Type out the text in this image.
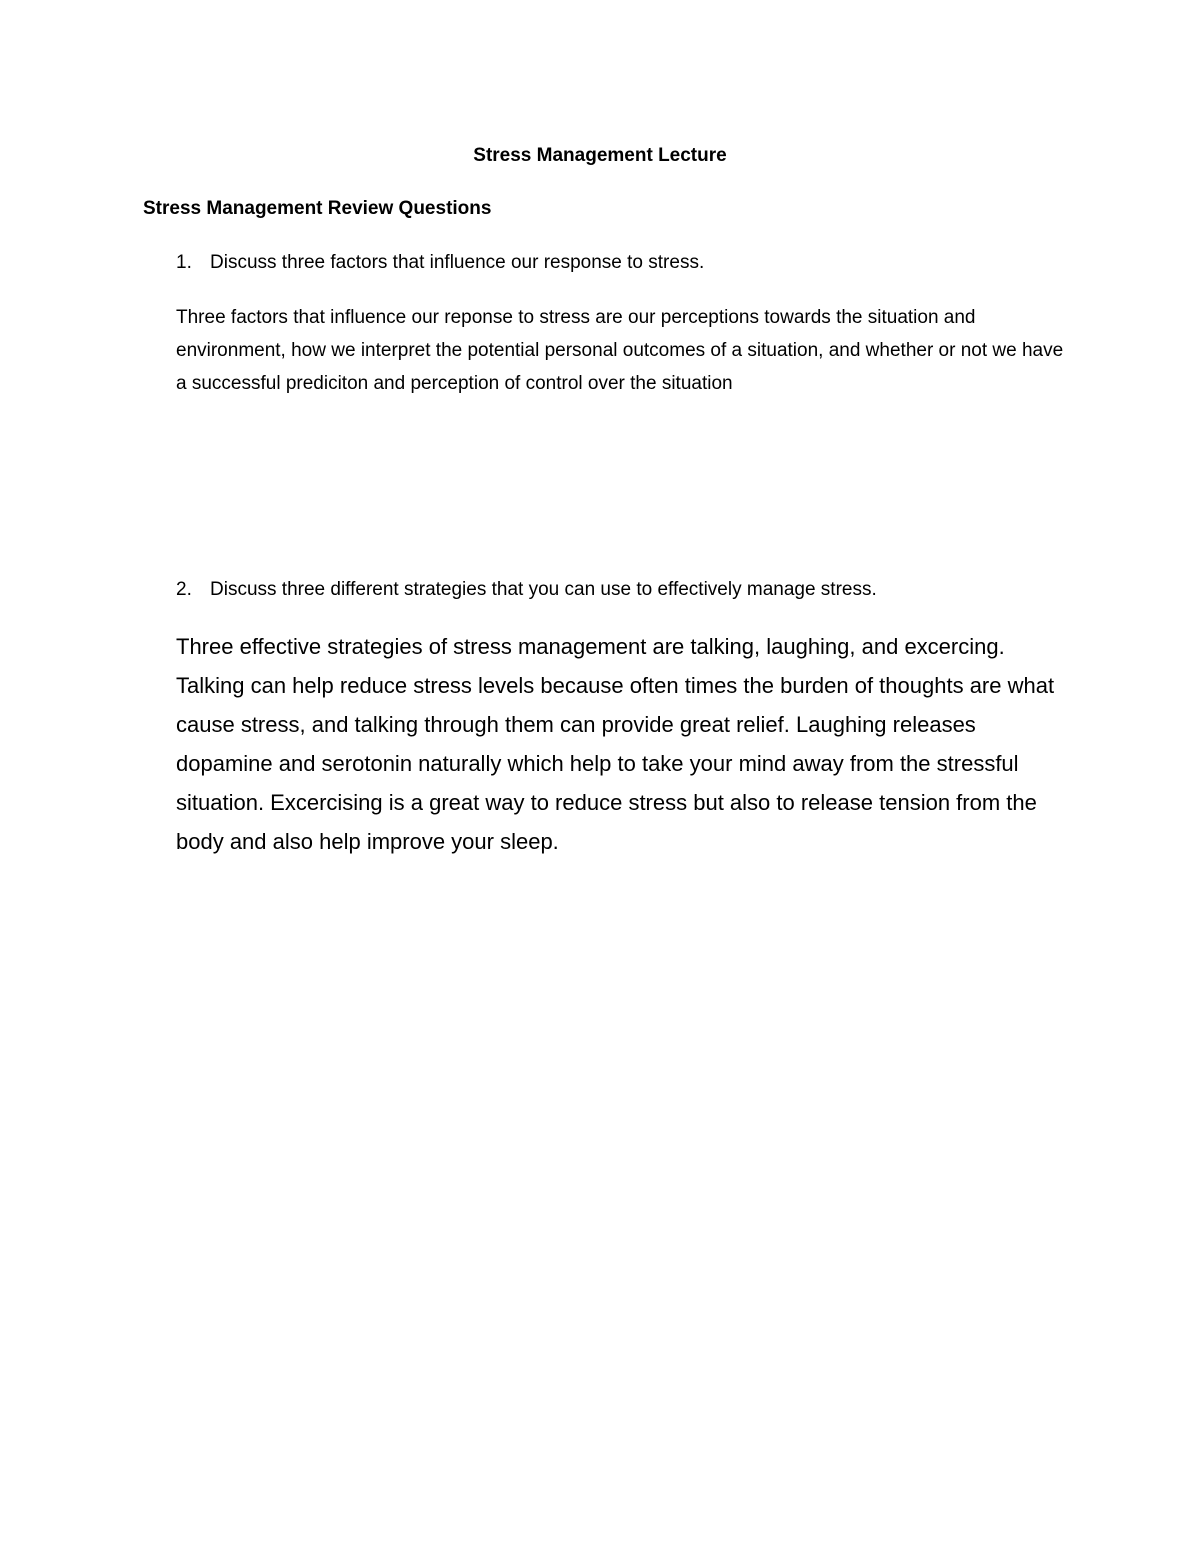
Stress Management Lecture
Stress Management Review Questions
1. Discuss three factors that influence our response to stress.
Three factors that influence our reponse to stress are our perceptions towards the situation and environment, how we interpret the potential personal outcomes of a situation, and whether or not we have a successful prediciton and perception of control over the situation
2. Discuss three different strategies that you can use to effectively manage stress.
Three effective strategies of stress management are talking, laughing, and excercing. Talking can help reduce stress levels because often times the burden of thoughts are what cause stress, and talking through them can provide great relief. Laughing releases dopamine and serotonin naturally which help to take your mind away from the stressful situation. Excercising is a great way to reduce stress but also to release tension from the body and also help improve your sleep.
